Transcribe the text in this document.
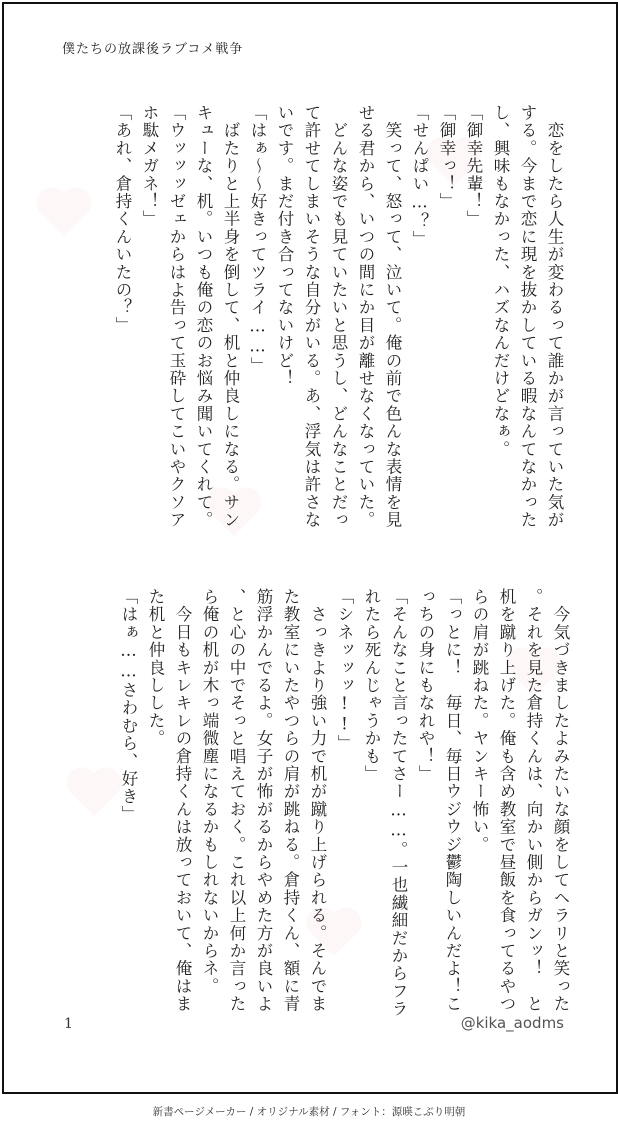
僕たちの放課後ラブコメ戦争
　恋をしたら人生が変わるって誰かが言っていた気が
する。今まで恋に現を抜かしている暇なんてなかった
し、興味もなかった、ハズなんだけどなぁ。
「御幸先輩！」
「御幸っ！」
「せんぱい…？」
　笑って、怒って、泣いて。俺の前で色んな表情を見
せる君から、いつの間にか目が離せなくなっていた。
　どんな姿でも見ていたいと思うし、どんなことだっ
て許せてしまいそうな自分がいる。あ、浮気は許さな
いです。まだ付き合ってないけど！
「はぁ〜〜好きってツライ……」
　ばたりと上半身を倒して、机と仲良しになる。サン
キューな、机。いつも俺の恋のお悩み聞いてくれて。
「ウッッッゼェからはよ告って玉砕してこいやクソア
ホ駄メガネ！」
「あれ、倉持くんいたの？」
　今気づきましたよみたいな顔をしてヘラリと笑った
。それを見た倉持くんは、向かい側からガンッ！　と
机を蹴り上げた。俺も含め教室で昼飯を食ってるやつ
らの肩が跳ねた。ヤンキー怖い。
「っとに！　毎日、毎日ウジウジ鬱陶しいんだよ！こ
っちの身にもなれや！」
「そんなこと言ったてさー……。一也繊細だからフラ
れたら死んじゃうかも」
「シネッッッ!!」
　さっきより強い力で机が蹴り上げられる。そんでま
た教室にいたやつらの肩が跳ねる。倉持くん、額に青
筋浮かんでるよ。女子が怖がるからやめた方が良いよ
、と心の中でそっと唱えておく。これ以上何か言った
ら俺の机が木っ端微塵になるかもしれないからネ。
　今日もキレキレの倉持くんは放っておいて、俺はま
た机と仲良しした。
「はぁ……さわむら、好き」
1	@kika_aodms
新書ページメーカー / オリジナル素材 / フォント：源暎こぶり明朝
